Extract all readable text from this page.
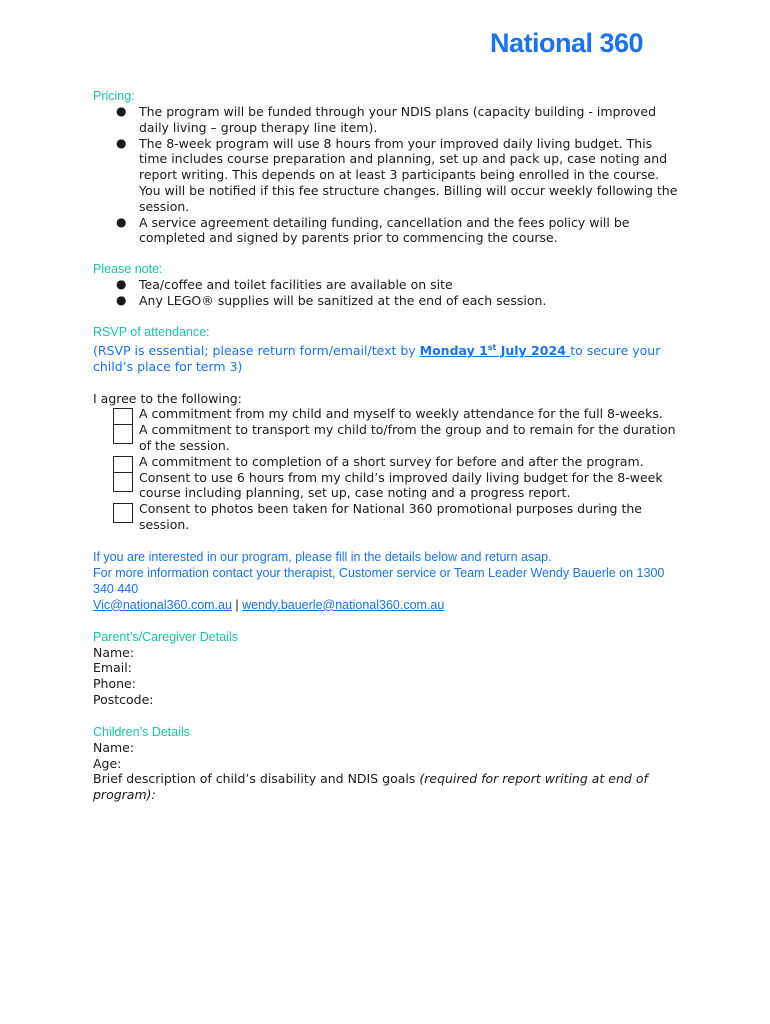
National 360

Pricing:

● The program will be funded through your NDIS plans (capacity building - improved daily living – group therapy line item).
● The 8-week program will use 8 hours from your improved daily living budget. This time includes course preparation and planning, set up and pack up, case noting and report writing. This depends on at least 3 participants being enrolled in the course. You will be notified if this fee structure changes. Billing will occur weekly following the session.
● A service agreement detailing funding, cancellation and the fees policy will be completed and signed by parents prior to commencing the course.

Please note:

● Tea/coffee and toilet facilities are available on site
● Any LEGO® supplies will be sanitized at the end of each session.

RSVP of attendance:

(RSVP is essential; please return form/email/text by Monday 1st July 2024 to secure your child’s place for term 3)
I agree to the following:
A commitment from my child and myself to weekly attendance for the full 8-weeks.
A commitment to transport my child to/from the group and to remain for the duration of the session.
A commitment to completion of a short survey for before and after the program.
Consent to use 6 hours from my child’s improved daily living budget for the 8-week course including planning, set up, case noting and a progress report.
Consent to photos been taken for National 360 promotional purposes during the session.
If you are interested in our program, please fill in the details below and return asap.
For more information contact your therapist, Customer service or Team Leader Wendy Bauerle on 1300 340 440
Vic@national360.com.au | wendy.bauerle@national360.com.au

Parent’s/Caregiver Details

Name:
Email:
Phone:
Postcode:

Children’s Details

Name:
Age:
Brief description of child’s disability and NDIS goals (required for report writing at end of program):
